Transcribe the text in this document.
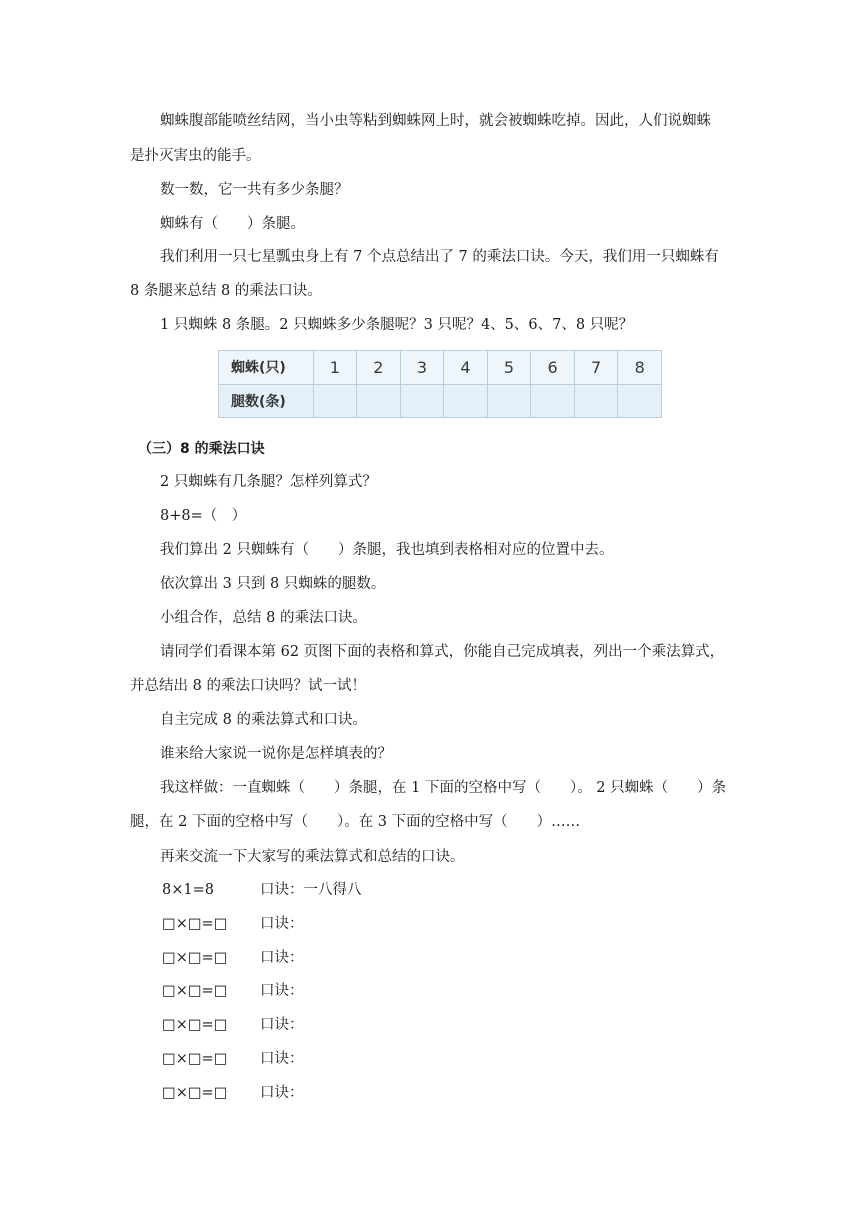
蜘蛛腹部能喷丝结网，当小虫等粘到蜘蛛网上时，就会被蜘蛛吃掉。因此，人们说蜘蛛
是扑灭害虫的能手。
数一数，它一共有多少条腿？
蜘蛛有（　　）条腿。
我们利用一只七星瓢虫身上有 7 个点总结出了 7 的乘法口诀。今天，我们用一只蜘蛛有
8 条腿来总结 8 的乘法口诀。
1 只蜘蛛 8 条腿。2 只蜘蛛多少条腿呢？3 只呢？4、5、6、7、8 只呢？
蜘蛛(只)	1	2	3	4	5	6	7	8
腿数(条)								
（三）8 的乘法口诀
2 只蜘蛛有几条腿？怎样列算式？
8+8=（　）
我们算出 2 只蜘蛛有（　　）条腿，我也填到表格相对应的位置中去。
依次算出 3 只到 8 只蜘蛛的腿数。
小组合作，总结 8 的乘法口诀。
请同学们看课本第 62 页图下面的表格和算式，你能自己完成填表，列出一个乘法算式，
并总结出 8 的乘法口诀吗？试一试！
自主完成 8 的乘法算式和口诀。
谁来给大家说一说你是怎样填表的？
我这样做：一直蜘蛛（　　）条腿，在 1 下面的空格中写（　　）。 2 只蜘蛛（　　）条
腿，在 2 下面的空格中写（　　）。在 3 下面的空格中写（　　）……
再来交流一下大家写的乘法算式和总结的口诀。
8×1=8	口诀：一八得八
□×□=□ 口诀：
□×□=□ 口诀：
□×□=□ 口诀：
□×□=□ 口诀：
□×□=□ 口诀：
□×□=□ 口诀：
